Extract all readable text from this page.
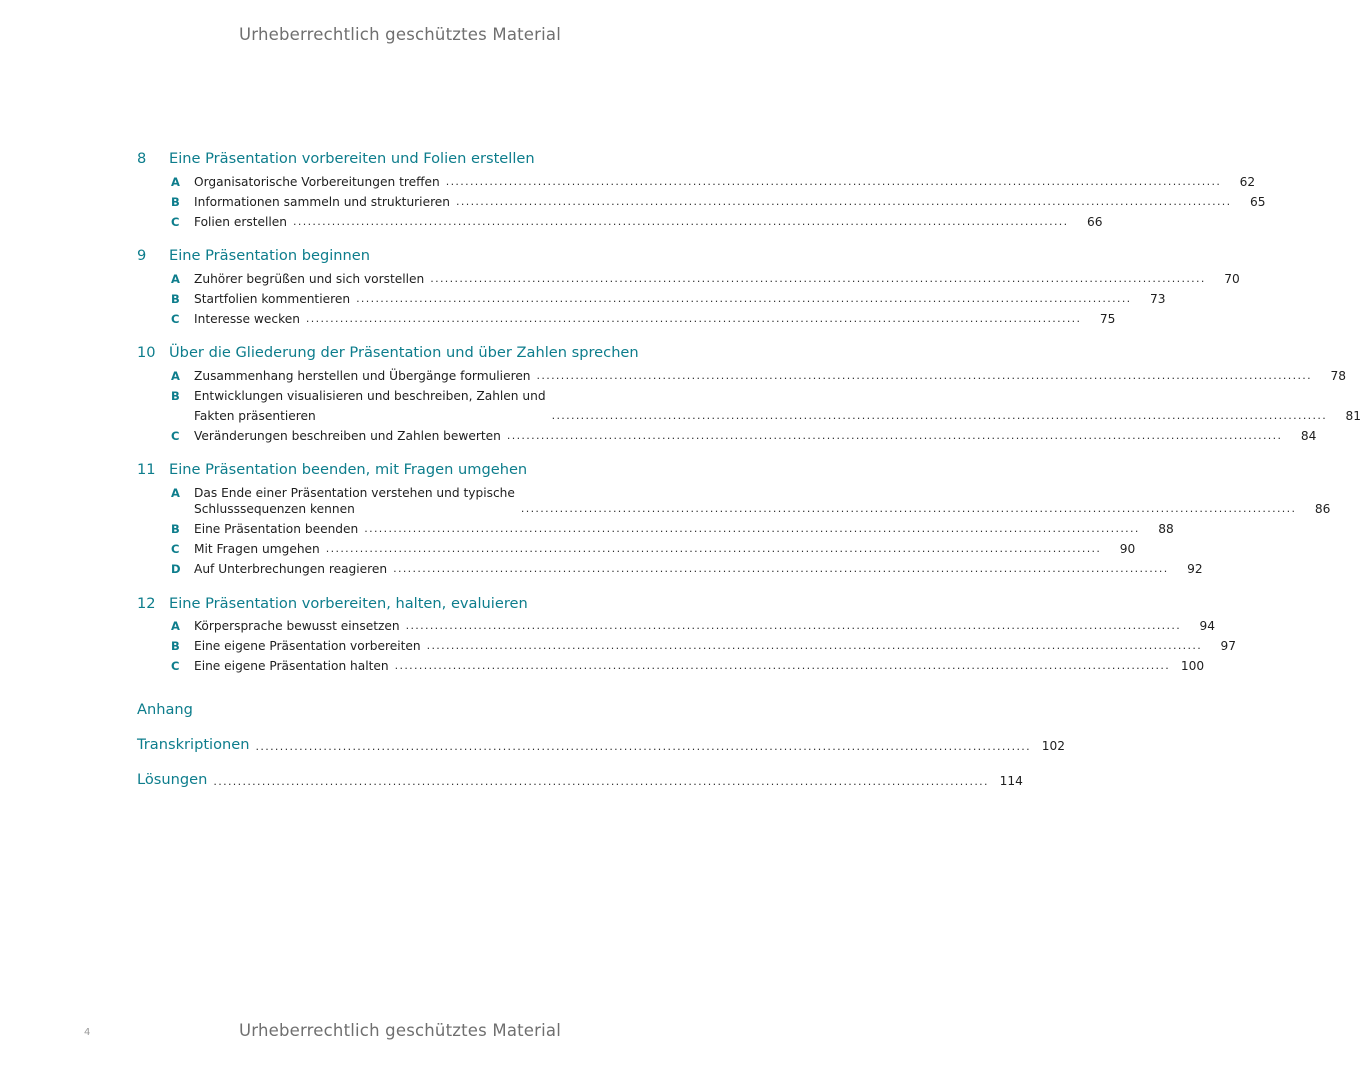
Urheberrechtlich geschütztes Material
8	Eine Präsentation vorbereiten und Folien erstellen
A	Organisatorische Vorbereitungen treffen ................................................................................................................................................................	62
B	Informationen sammeln und strukturieren ................................................................................................................................................................	65
C	Folien erstellen ................................................................................................................................................................	66
9	Eine Präsentation beginnen
A	Zuhörer begrüßen und sich vorstellen ................................................................................................................................................................	70
B	Startfolien kommentieren ................................................................................................................................................................	73
C	Interesse wecken ................................................................................................................................................................	75
10 Über die Gliederung der Präsentation und über Zahlen sprechen
A	Zusammenhang herstellen und Übergänge formulieren ................................................................................................................................................................	78
B	Entwicklungen visualisieren und beschreiben, Zahlen und
Fakten präsentieren	................................................................................................................................................................	81
C	Veränderungen beschreiben und Zahlen bewerten ................................................................................................................................................................	84
11 Eine Präsentation beenden, mit Fragen umgehen
A	Das Ende einer Präsentation verstehen und typische
Schlusssequenzen kennen	................................................................................................................................................................	86
B	Eine Präsentation beenden ................................................................................................................................................................	88
C	Mit Fragen umgehen ................................................................................................................................................................	90
D	Auf Unterbrechungen reagieren ................................................................................................................................................................	92
12 Eine Präsentation vorbereiten, halten, evaluieren
A	Körpersprache bewusst einsetzen ................................................................................................................................................................	94
B	Eine eigene Präsentation vorbereiten ................................................................................................................................................................	97
C	Eine eigene Präsentation halten ................................................................................................................................................................ 100
Anhang
Transkriptionen ................................................................................................................................................................ 102
Lösungen ................................................................................................................................................................ 114
4	Urheberrechtlich geschütztes Material
